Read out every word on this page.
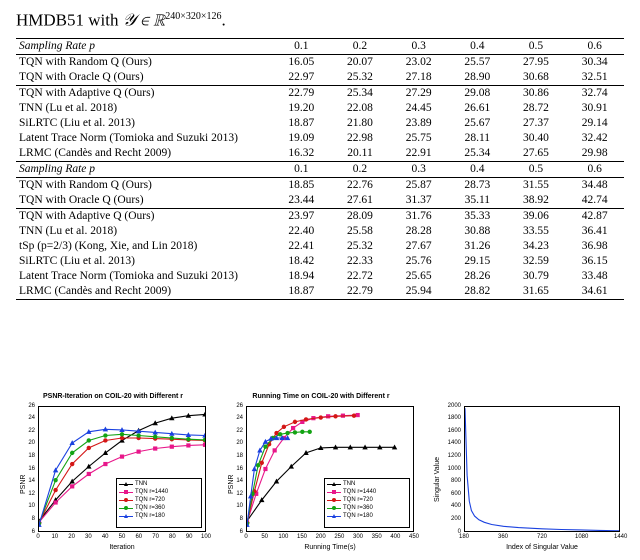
HMDB51 with 𝒴 ∈ ℝ$^{240\times 320\times 126}$.
Sampling Rate p	0.1	0.2	0.3	0.4	0.5	0.6
TQN with Random Q (Ours)	16.05	20.07	23.02	25.57	27.95	30.34
TQN with Oracle Q (Ours)	22.97	25.32	27.18	28.90	30.68	32.51
TQN with Adaptive Q (Ours)	22.79	25.34	27.29	29.08	30.86	32.74
TNN (Lu et al. 2018)	19.20	22.08	24.45	26.61	28.72	30.91
SiLRTC (Liu et al. 2013)	18.87	21.80	23.89	25.67	27.37	29.14
Latent Trace Norm (Tomioka and Suzuki 2013)	19.09	22.98	25.75	28.11	30.40	32.42
LRMC (Candès and Recht 2009)	16.32	20.11	22.91	25.34	27.65	29.98
Sampling Rate p	0.1	0.2	0.3	0.4	0.5	0.6
TQN with Random Q (Ours)	18.85	22.76	25.87	28.73	31.55	34.48
TQN with Oracle Q (Ours)	23.44	27.61	31.37	35.11	38.92	42.74
TQN with Adaptive Q (Ours)	23.97	28.09	31.76	35.33	39.06	42.87
TNN (Lu et al. 2018)	22.40	25.58	28.28	30.88	33.55	36.41
tSp (p=2/3) (Kong, Xie, and Lin 2018)	22.41	25.32	27.67	31.26	34.23	36.98
SiLRTC (Liu et al. 2013)	18.42	22.33	25.76	29.15	32.59	36.15
Latent Trace Norm (Tomioka and Suzuki 2013)	18.94	22.72	25.65	28.26	30.79	33.48
LRMC (Candès and Recht 2009)	18.87	22.79	25.94	28.82	31.65	34.61
PSNR-Iteration on COIL-20 with Different r
PSNR
Iteration
TNN
TQN r=1440
TQN r=720
TQN r=360
TQN r=180
0	10	20	30	40	50	60	70	80	90	100
6
8
10
12
14
16
18
20
22
24
26
Running Time on COIL-20 with Different r
PSNR
Running Time(s)
TNN
TQN r=1440
TQN r=720
TQN r=360
TQN r=180
0	50	100 150 200 250 300 350 400 450
6
8
10
12
14
16
18
20
22
24
26
Singular Value
Index of Singular Value
180	360	720	1080	1440
0
200
400
600
800
1000
1200
1400
1600
1800
2000
